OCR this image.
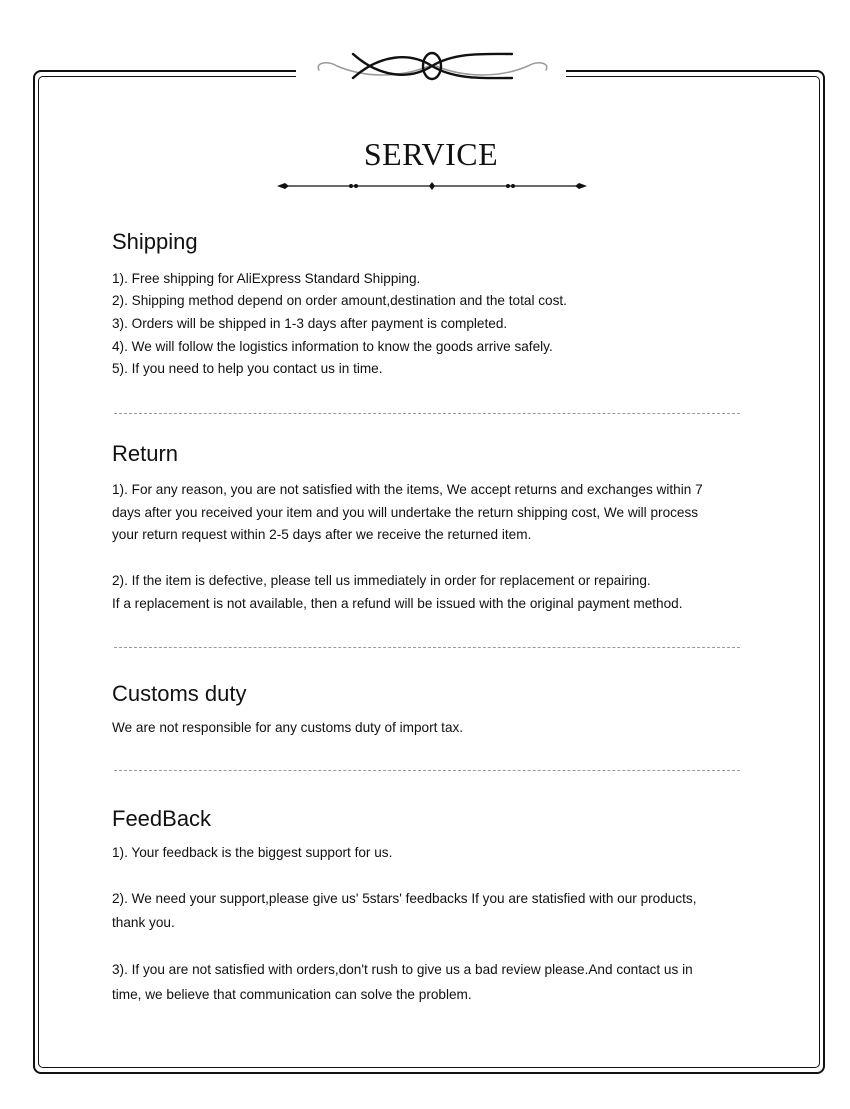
SERVICE
Shipping
1). Free shipping for AliExpress Standard Shipping.
2). Shipping method depend on order amount,destination and the total cost.
3). Orders will be shipped in 1-3 days after payment is completed.
4). We will follow the logistics information to know the goods arrive safely.
5). If you need to help you contact us in time.
Return
1). For any reason, you are not satisfied with the items, We accept returns and exchanges within 7
days after you received your item and you will undertake the return shipping cost, We will process
your return request within 2-5 days after we receive the returned item.
2). If the item is defective, please tell us immediately in order for replacement or repairing.
If a replacement is not available, then a refund will be issued with the original payment method.
Customs duty
We are not responsible for any customs duty of import tax.
FeedBack
1). Your feedback is the biggest support for us.
2). We need your support,please give us' 5stars' feedbacks If you are statisfied with our products,
thank you.
3). If you are not satisfied with orders,don't rush to give us a bad review please.And contact us in
time, we believe that communication can solve the problem.
